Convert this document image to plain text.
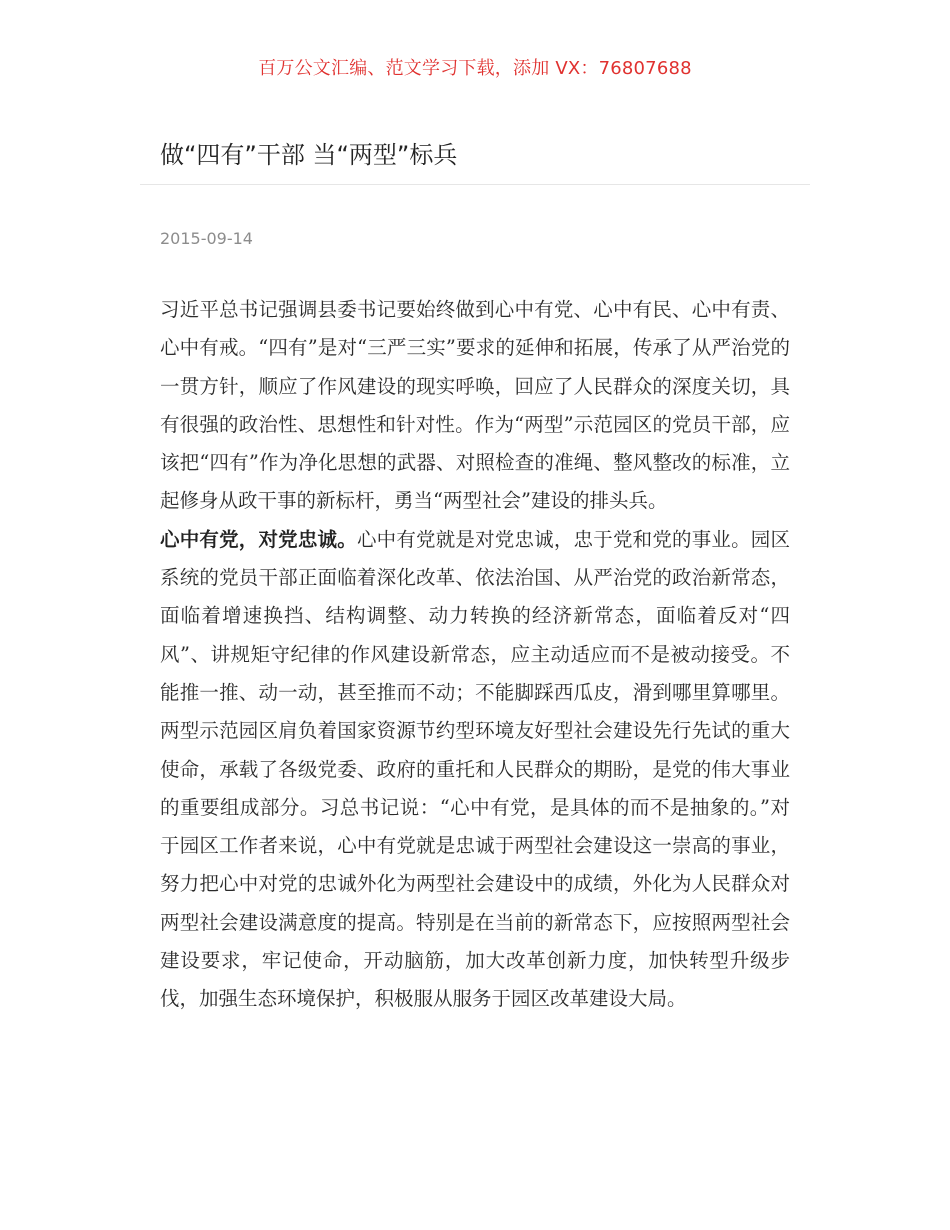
百万公文汇编、范文学习下载，添加 VX：76807688
做“四有”干部 当“两型”标兵
2015-09-14

习近平总书记强调县委书记要始终做到心中有党、心中有民、心中有责、心中有戒。“四有”是对“三严三实”要求的延伸和拓展，传承了从严治党的一贯方针，顺应了作风建设的现实呼唤，回应了人民群众的深度关切，具有很强的政治性、思想性和针对性。作为“两型”示范园区的党员干部，应该把“四有”作为净化思想的武器、对照检查的准绳、整风整改的标准，立起修身从政干事的新标杆，勇当“两型社会”建设的排头兵。

心中有党，对党忠诚。心中有党就是对党忠诚，忠于党和党的事业。园区系统的党员干部正面临着深化改革、依法治国、从严治党的政治新常态，面临着增速换挡、结构调整、动力转换的经济新常态，面临着反对“四风”、讲规矩守纪律的作风建设新常态，应主动适应而不是被动接受。不能推一推、动一动，甚至推而不动；不能脚踩西瓜皮，滑到哪里算哪里。两型示范园区肩负着国家资源节约型环境友好型社会建设先行先试的重大使命，承载了各级党委、政府的重托和人民群众的期盼，是党的伟大事业的重要组成部分。习总书记说：“心中有党，是具体的而不是抽象的。”对于园区工作者来说，心中有党就是忠诚于两型社会建设这一崇高的事业，努力把心中对党的忠诚外化为两型社会建设中的成绩，外化为人民群众对两型社会建设满意度的提高。特别是在当前的新常态下，应按照两型社会建设要求，牢记使命，开动脑筋，加大改革创新力度，加快转型升级步伐，加强生态环境保护，积极服从服务于园区改革建设大局。
